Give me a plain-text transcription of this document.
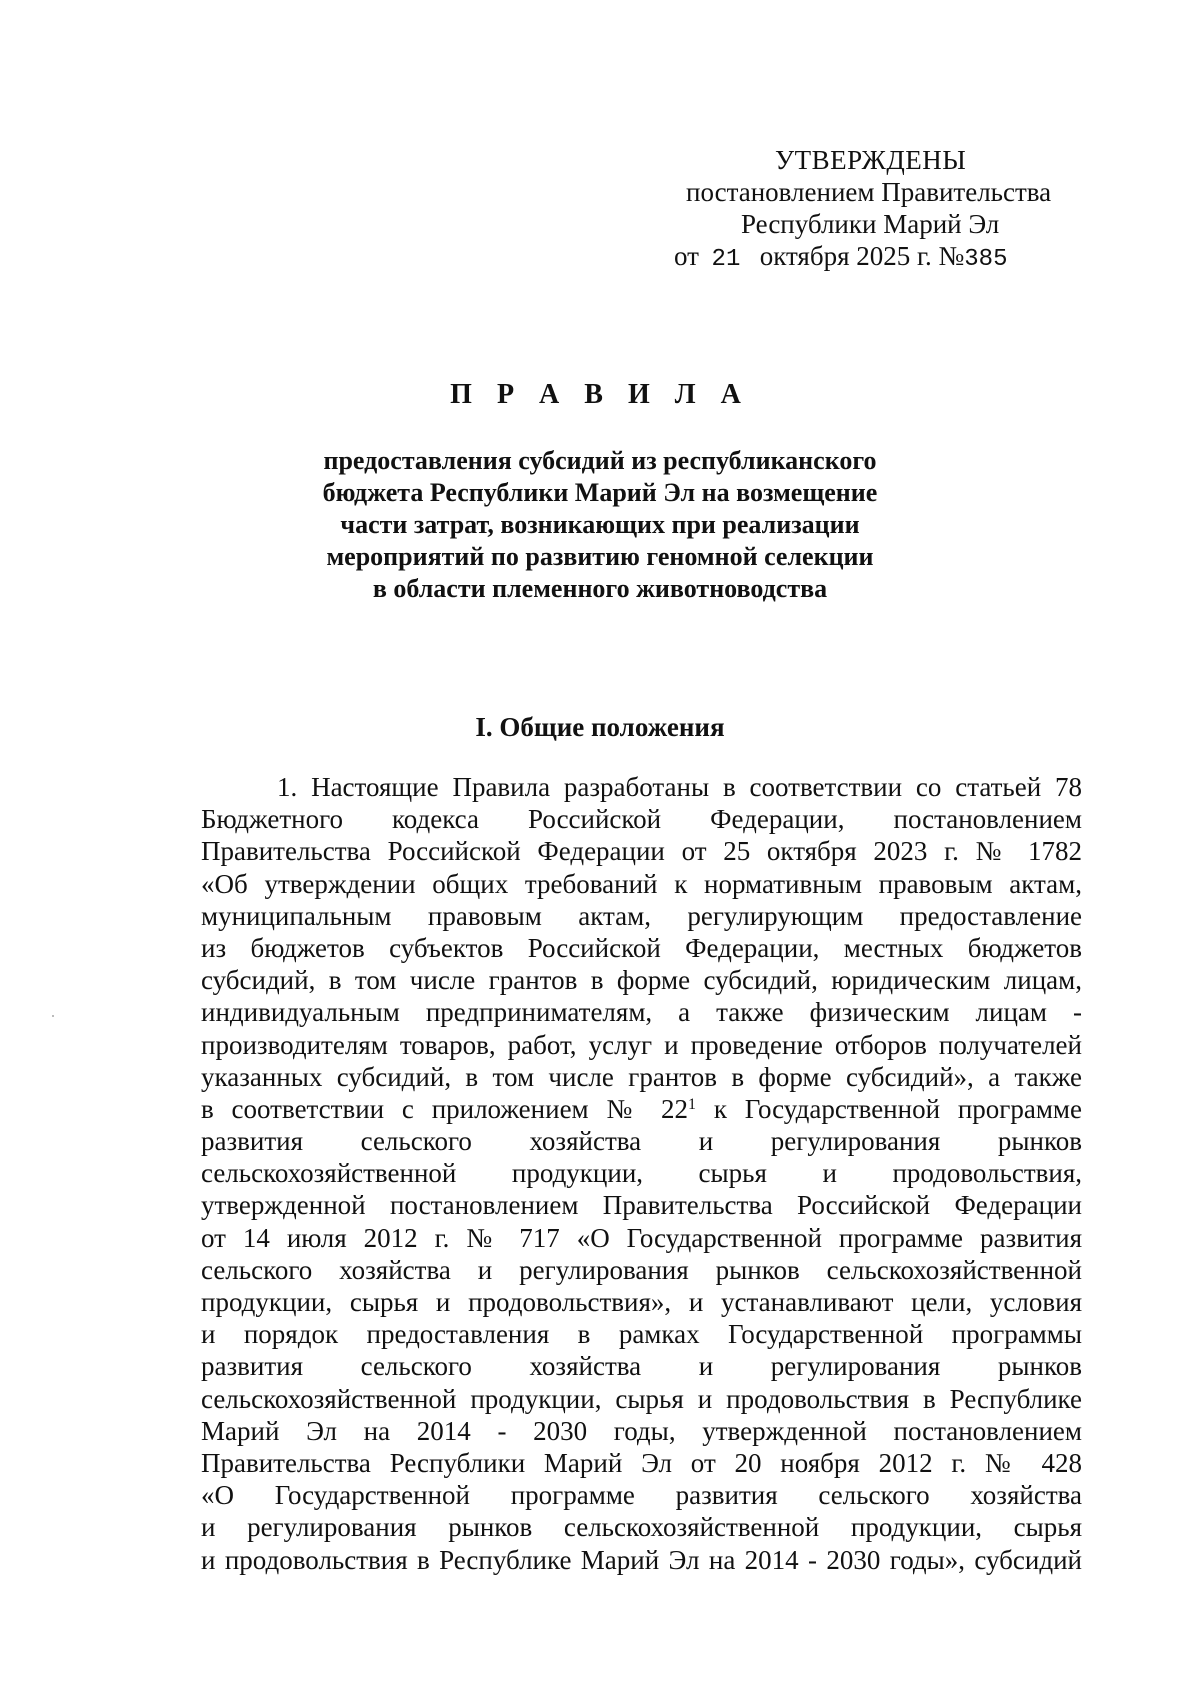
УТВЕРЖДЕНЫ
постановлением Правительства
Республики Марий Эл
от 21 октября 2025 г. №385
П Р А В И Л А
предоставления субсидий из республиканского
бюджета Республики Марий Эл на возмещение
части затрат, возникающих при реализации
мероприятий по развитию геномной селекции
в области племенного животноводства
I. Общие положения
1. Настоящие Правила разработаны в соответствии со статьей 78
Бюджетного кодекса Российской Федерации, постановлением
Правительства Российской Федерации от 25 октября 2023 г. № 1782
«Об утверждении общих требований к нормативным правовым актам,
муниципальным правовым актам, регулирующим предоставление
из бюджетов субъектов Российской Федерации, местных бюджетов
субсидий, в том числе грантов в форме субсидий, юридическим лицам,
индивидуальным предпринимателям, а также физическим лицам -
производителям товаров, работ, услуг и проведение отборов получателей
указанных субсидий, в том числе грантов в форме субсидий», а также
в соответствии с приложением № $22^1$ к Государственной программе
развития сельского хозяйства и регулирования рынков
сельскохозяйственной продукции, сырья и продовольствия,
утвержденной постановлением Правительства Российской Федерации
от 14 июля 2012 г. № 717 «О Государственной программе развития
сельского хозяйства и регулирования рынков сельскохозяйственной
продукции, сырья и продовольствия», и устанавливают цели, условия
и порядок предоставления в рамках Государственной программы
развития сельского хозяйства и регулирования рынков
сельскохозяйственной продукции, сырья и продовольствия в Республике
Марий Эл на 2014 - 2030 годы, утвержденной постановлением
Правительства Республики Марий Эл от 20 ноября 2012 г. № 428
«О Государственной программе развития сельского хозяйства
и регулирования рынков сельскохозяйственной продукции, сырья
и продовольствия в Республике Марий Эл на 2014 - 2030 годы», субсидий
